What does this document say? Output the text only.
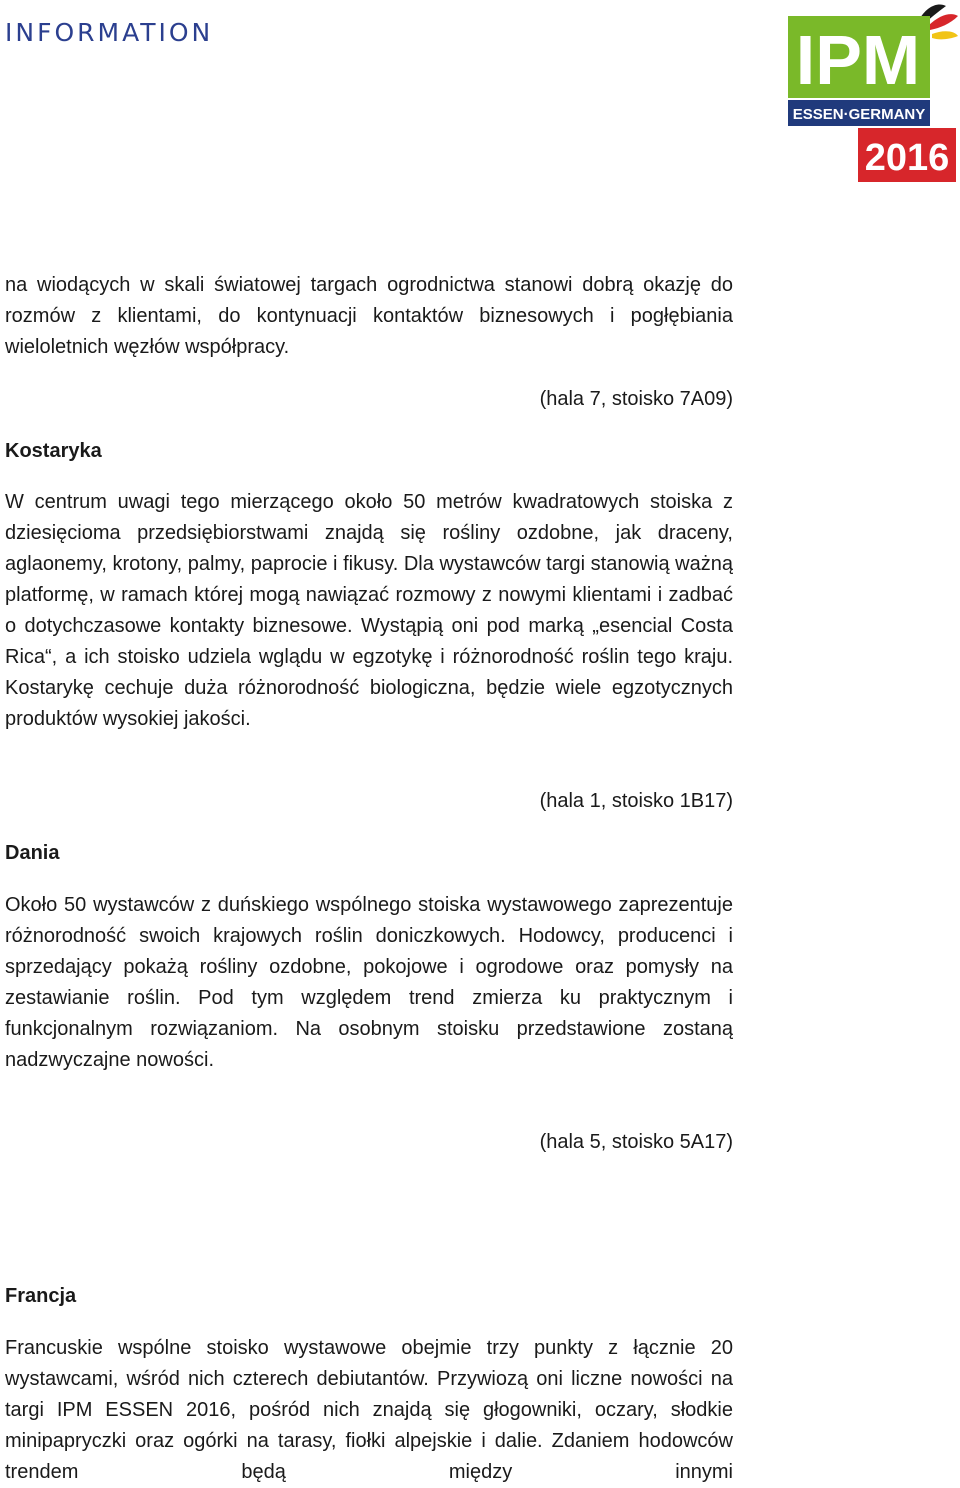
INFORMATION	IPM
ESSEN·GERMANY
2016

na wiodących w skali światowej targach ogrodnictwa stanowi dobrą okazję do rozmów z klientami, do kontynuacji kontaktów biznesowych i pogłębiania wieloletnich węzłów współpracy.

(hala 7, stoisko 7A09)

Kostaryka

W centrum uwagi tego mierzącego około 50 metrów kwadratowych stoiska z dziesięcioma przedsiębiorstwami znajdą się rośliny ozdobne, jak draceny, aglaonemy, krotony, palmy, paprocie i fikusy. Dla wystawców targi stanowią ważną platformę, w ramach której mogą nawiązać rozmowy z nowymi klientami i zadbać o dotychczasowe kontakty biznesowe. Wystąpią oni pod marką „esencial Costa Rica“, a ich stoisko udziela wglądu w egzotykę i różnorodność roślin tego kraju. Kostarykę cechuje duża różnorodność biologiczna, będzie wiele egzotycznych produktów wysokiej jakości.

(hala 1, stoisko 1B17)

Dania

Około 50 wystawców z duńskiego wspólnego stoiska wystawowego zaprezentuje różnorodność swoich krajowych roślin doniczkowych. Hodowcy, producenci i sprzedający pokażą rośliny ozdobne, pokojowe i ogrodowe oraz pomysły na zestawianie roślin. Pod tym względem trend zmierza ku praktycznym i funkcjonalnym rozwiązaniom. Na osobnym stoisku przedstawione zostaną nadzwyczajne nowości.

(hala 5, stoisko 5A17)

Francja

Francuskie wspólne stoisko wystawowe obejmie trzy punkty z łącznie 20 wystawcami, wśród nich czterech debiutantów. Przywiozą oni liczne nowości na targi IPM ESSEN 2016, pośród nich znajdą się głogowniki, oczary, słodkie minipapryczki oraz ogórki na tarasy, fiołki alpejskie i dalie. Zdaniem hodowców trendem będą między innymi
